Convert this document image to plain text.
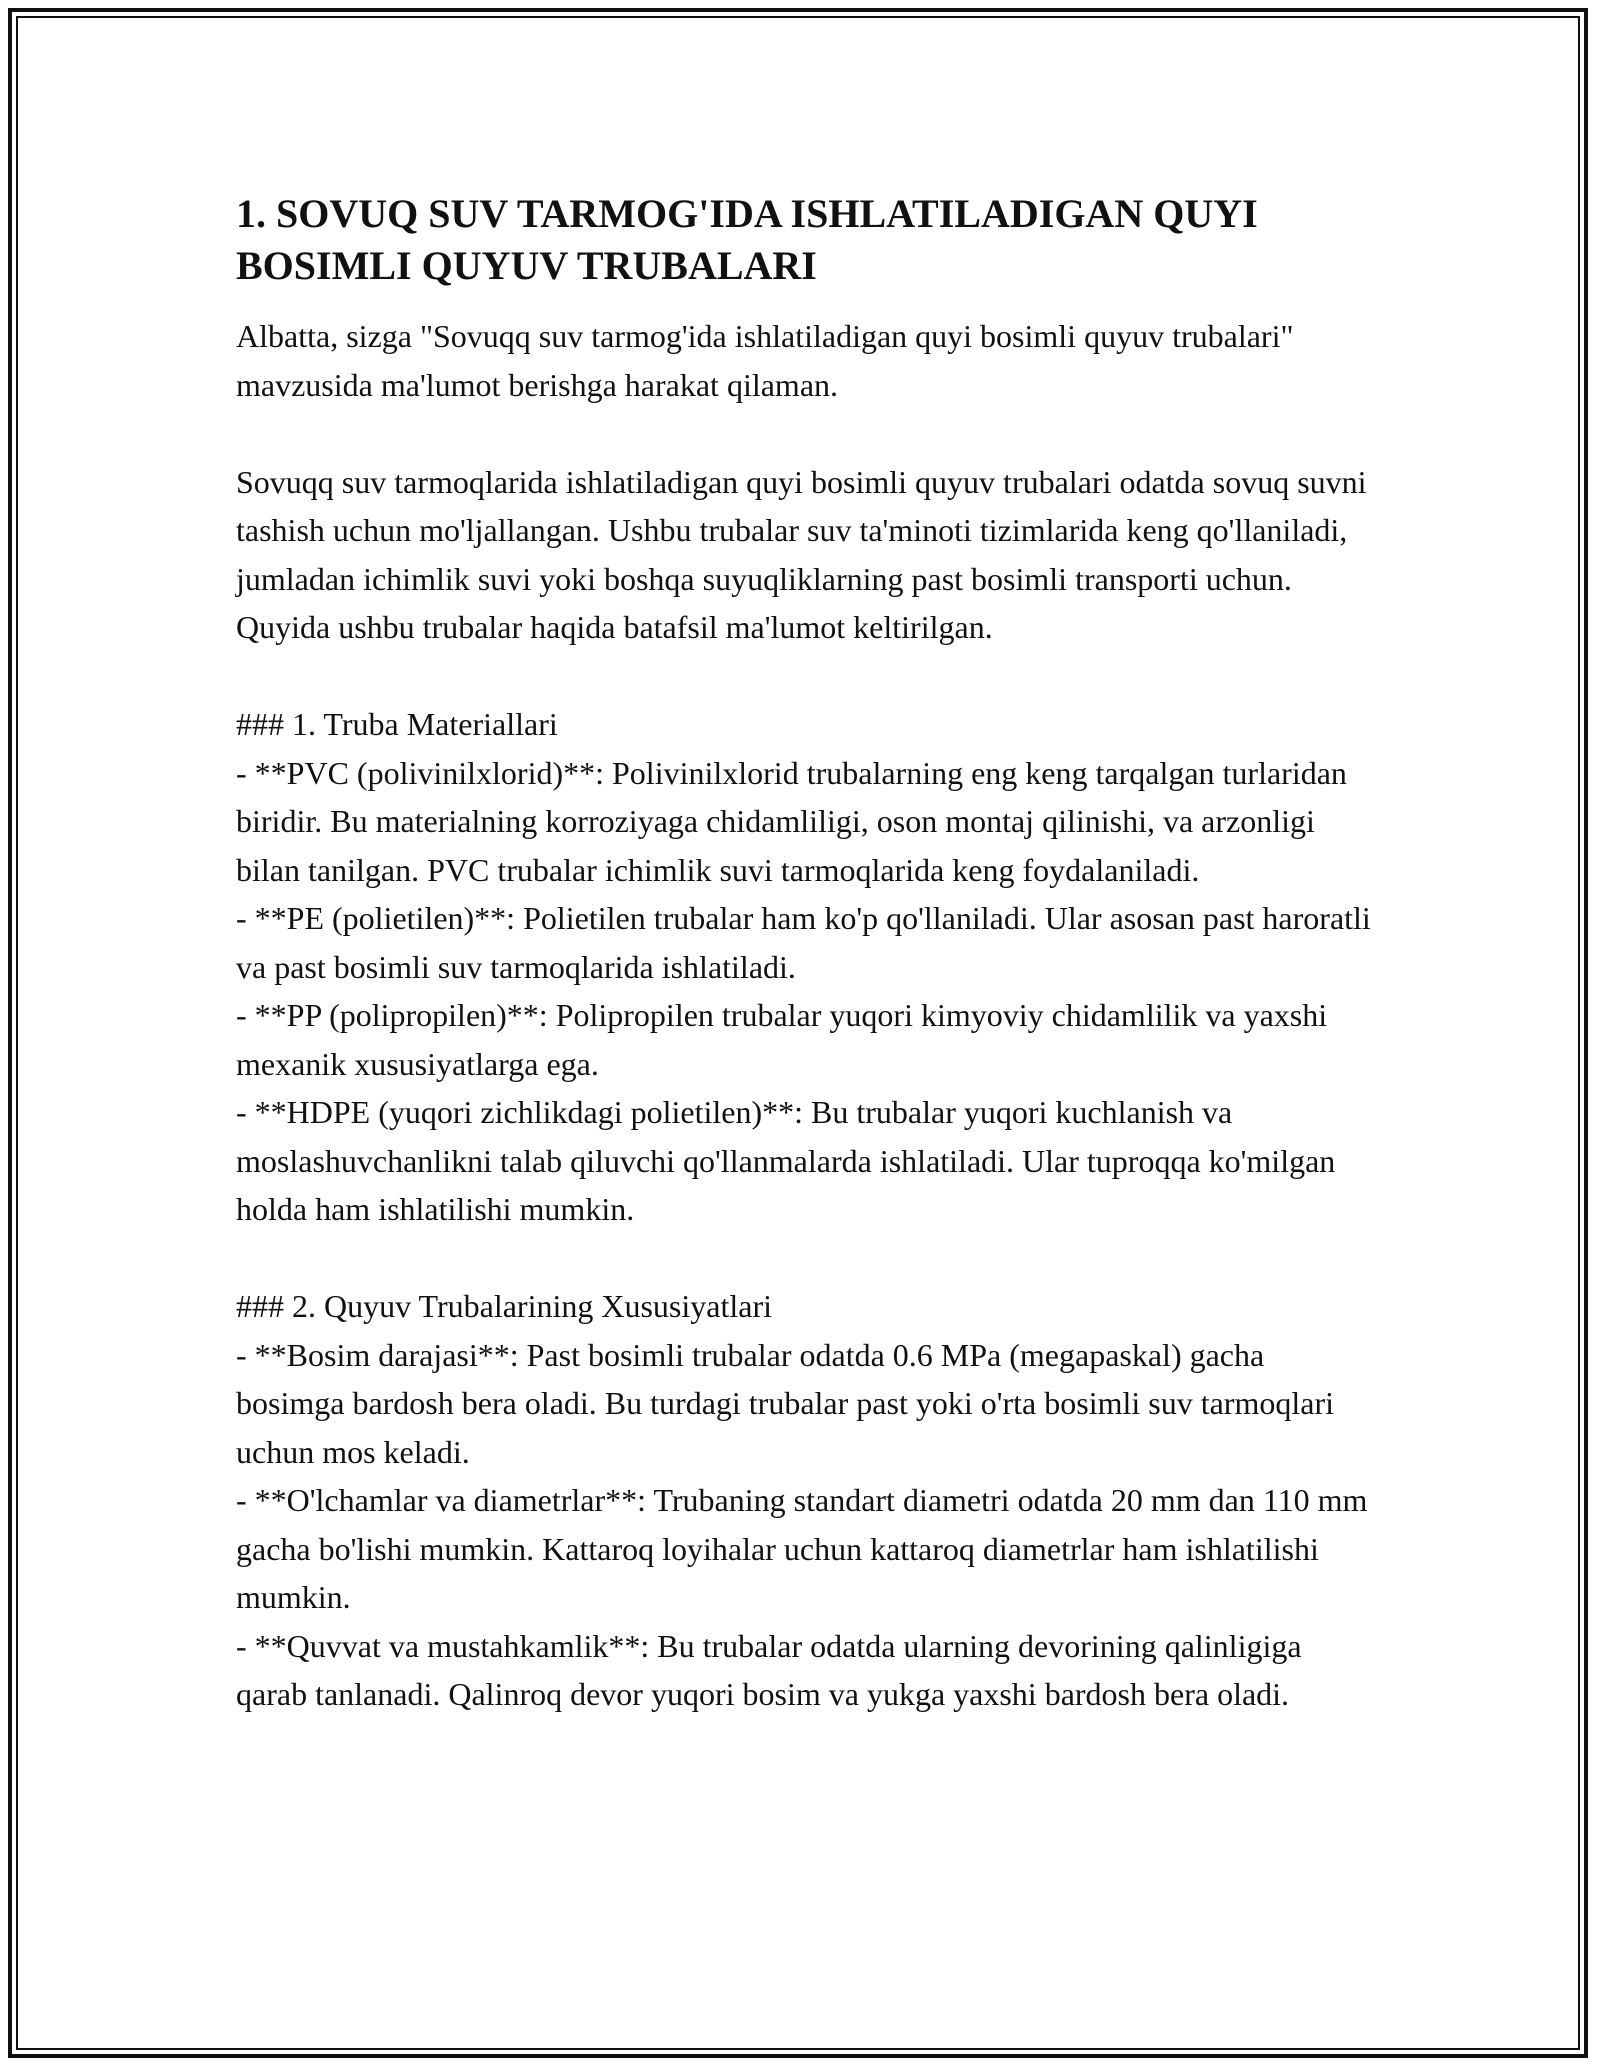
1. SOVUQ SUV TARMOG'IDA ISHLATILADIGAN QUYI BOSIMLI QUYUV TRUBALARI

Albatta, sizga "Sovuqq suv tarmog'ida ishlatiladigan quyi bosimli quyuv trubalari" mavzusida ma'lumot berishga harakat qilaman.

Sovuqq suv tarmoqlarida ishlatiladigan quyi bosimli quyuv trubalari odatda sovuq suvni tashish uchun mo'ljallangan. Ushbu trubalar suv ta'minoti tizimlarida keng qo'llaniladi, jumladan ichimlik suvi yoki boshqa suyuqliklarning past bosimli transporti uchun. Quyida ushbu trubalar haqida batafsil ma'lumot keltirilgan.

### 1. Truba Materiallari

- **PVC (polivinilxlorid)**: Polivinilxlorid trubalarning eng keng tarqalgan turlaridan biridir. Bu materialning korroziyaga chidamliligi, oson montaj qilinishi, va arzonligi bilan tanilgan. PVC trubalar ichimlik suvi tarmoqlarida keng foydalaniladi.

- **PE (polietilen)**: Polietilen trubalar ham ko'p qo'llaniladi. Ular asosan past haroratli va past bosimli suv tarmoqlarida ishlatiladi.

- **PP (polipropilen)**: Polipropilen trubalar yuqori kimyoviy chidamlilik va yaxshi mexanik xususiyatlarga ega.

- **HDPE (yuqori zichlikdagi polietilen)**: Bu trubalar yuqori kuchlanish va moslashuvchanlikni talab qiluvchi qo'llanmalarda ishlatiladi. Ular tuproqqa ko'milgan holda ham ishlatilishi mumkin.

### 2. Quyuv Trubalarining Xususiyatlari

- **Bosim darajasi**: Past bosimli trubalar odatda 0.6 MPa (megapaskal) gacha bosimga bardosh bera oladi. Bu turdagi trubalar past yoki o'rta bosimli suv tarmoqlari uchun mos keladi.

- **O'lchamlar va diametrlar**: Trubaning standart diametri odatda 20 mm dan 110 mm gacha bo'lishi mumkin. Kattaroq loyihalar uchun kattaroq diametrlar ham ishlatilishi mumkin.

- **Quvvat va mustahkamlik**: Bu trubalar odatda ularning devorining qalinligiga qarab tanlanadi. Qalinroq devor yuqori bosim va yukga yaxshi bardosh bera oladi.
